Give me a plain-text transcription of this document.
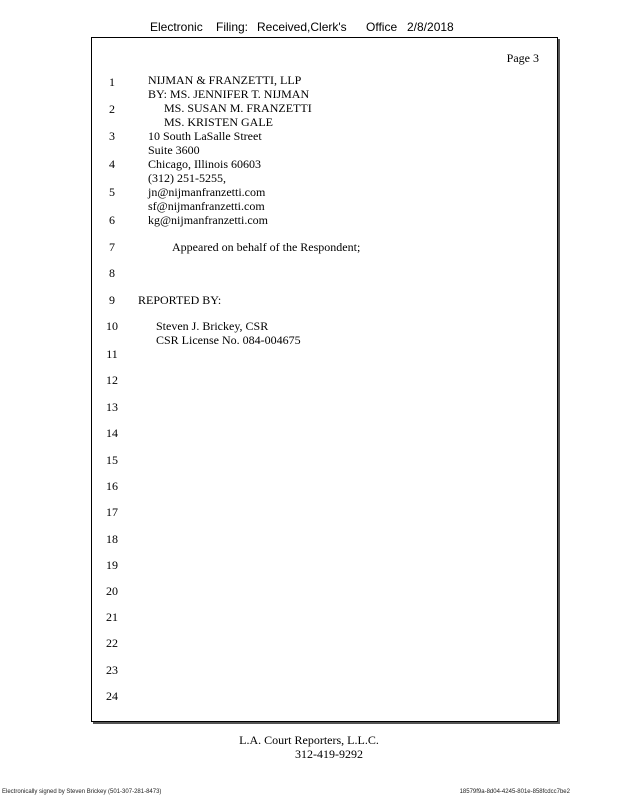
Electronic Filing: Received,Clerk's Office 2/8/2018
Page 3
1
2
3
4
5
6
7
8
9
10
11
12
13
14
15
16
17
18
19
20
21
22
23
24
NIJMAN & FRANZETTI, LLP
BY: MS. JENNIFER T. NIJMAN
MS. SUSAN M. FRANZETTI
MS. KRISTEN GALE
10 South LaSalle Street
Suite 3600
Chicago, Illinois 60603
(312) 251-5255,
jn@nijmanfranzetti.com
sf@nijmanfranzetti.com
kg@nijmanfranzetti.com
Appeared on behalf of the Respondent;
REPORTED BY:
Steven J. Brickey, CSR
CSR License No. 084-004675
L.A. Court Reporters, L.L.C.
312-419-9292
Electronically signed by Steven Brickey (501-307-281-8473)	18579f9a-8d04-4245-801e-858fcdcc7be2
